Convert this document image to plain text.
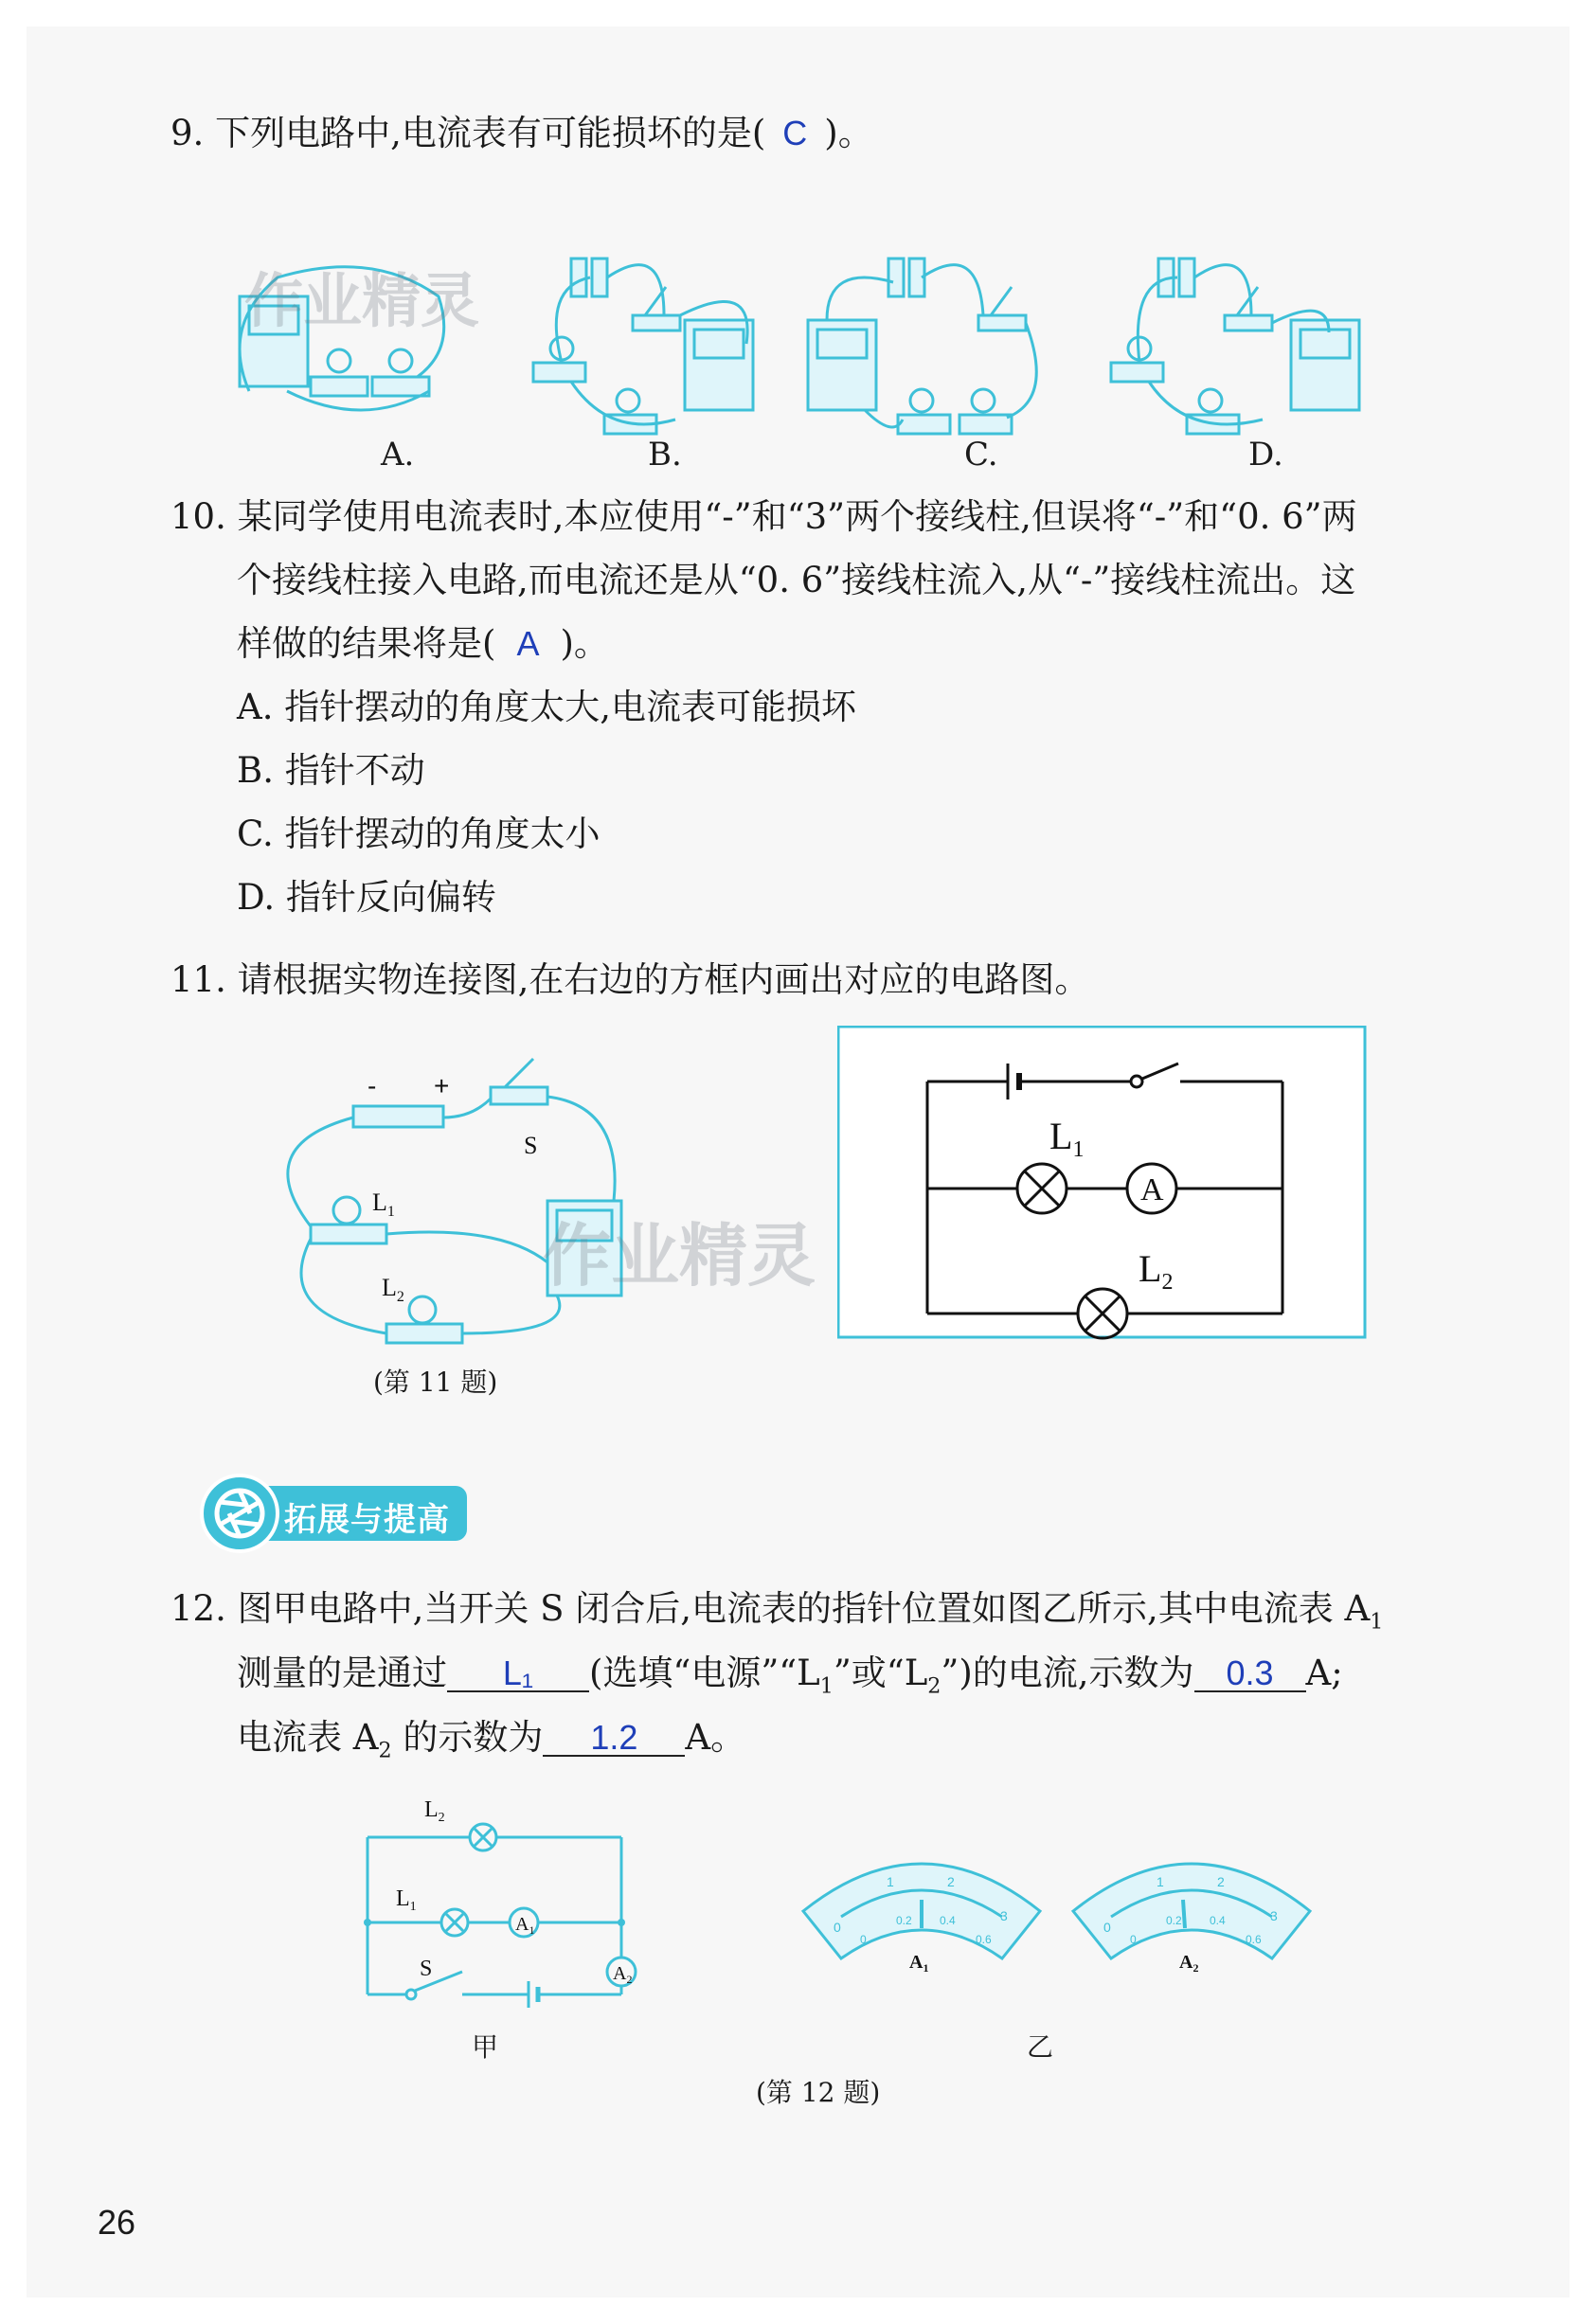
9. 下列电路中,电流表有可能损坏的是( C )。
作业精灵
A.	B.	C.	D.
10. 某同学使用电流表时,本应使用“-”和“3”两个接线柱,但误将“-”和“0. 6”两
个接线柱接入电路,而电流还是从“0. 6”接线柱流入,从“-”接线柱流出。这
样做的结果将是( A )。
A. 指针摆动的角度太大,电流表可能损坏
B. 指针不动
C. 指针摆动的角度太小
D. 指针反向偏转
11. 请根据实物连接图,在右边的方框内画出对应的电路图。
- +
S
$L_1$
$L_2$
作业精灵
(第 11 题)
A
$L_1$
$L_2$
拓展与提高
12. 图甲电路中,当开关 S 闭合后,电流表的指针位置如图乙所示,其中电流表 $A_1$
测量的是通过 L₁ (选填“电源$”“L_1$”或“$L_2$”)的电流,示数为 0.3 A;
电流表 $A_2$ 的示数为 1.2 A。
$L_2$
$L_1$
$A_1$
$A_2$
S
甲
0
1	2
3
0
0.2 0.4
0.6
$A_1$
0
1	2
3
0
0.2 0.4
0.6
$A_2$
乙
(第 12 题)
26
